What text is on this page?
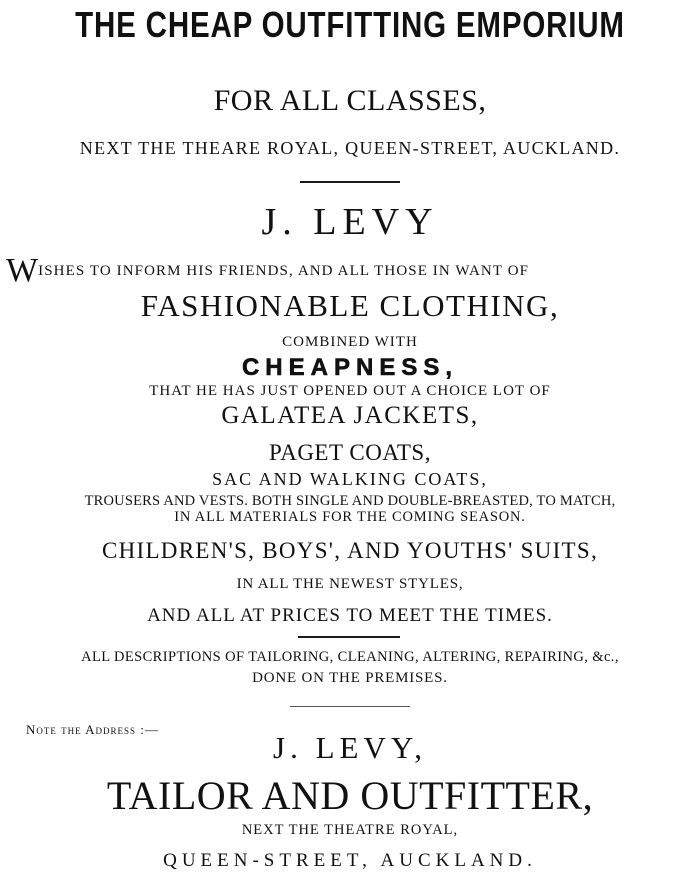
THE CHEAP OUTFITTING EMPORIUM
FOR ALL CLASSES,
NEXT THE THEARE ROYAL, QUEEN-STREET, AUCKLAND.
J. LEVY
WISHES TO INFORM HIS FRIENDS, AND ALL THOSE IN WANT OF
FASHIONABLE CLOTHING,
COMBINED WITH
CHEAPNESS,
THAT HE HAS JUST OPENED OUT A CHOICE LOT OF
GALATEA JACKETS,
PAGET COATS,
SAC AND WALKING COATS,
TROUSERS AND VESTS. BOTH SINGLE AND DOUBLE-BREASTED, TO MATCH,
IN ALL MATERIALS FOR THE COMING SEASON.
CHILDREN'S, BOYS', AND YOUTHS' SUITS,
IN ALL THE NEWEST STYLES,
AND ALL AT PRICES TO MEET THE TIMES.
ALL DESCRIPTIONS OF TAILORING, CLEANING, ALTERING, REPAIRING, &c.,
DONE ON THE PREMISES.
Note the Address :—
J. LEVY,
TAILOR AND OUTFITTER,
NEXT THE THEATRE ROYAL,
QUEEN-STREET, AUCKLAND.
